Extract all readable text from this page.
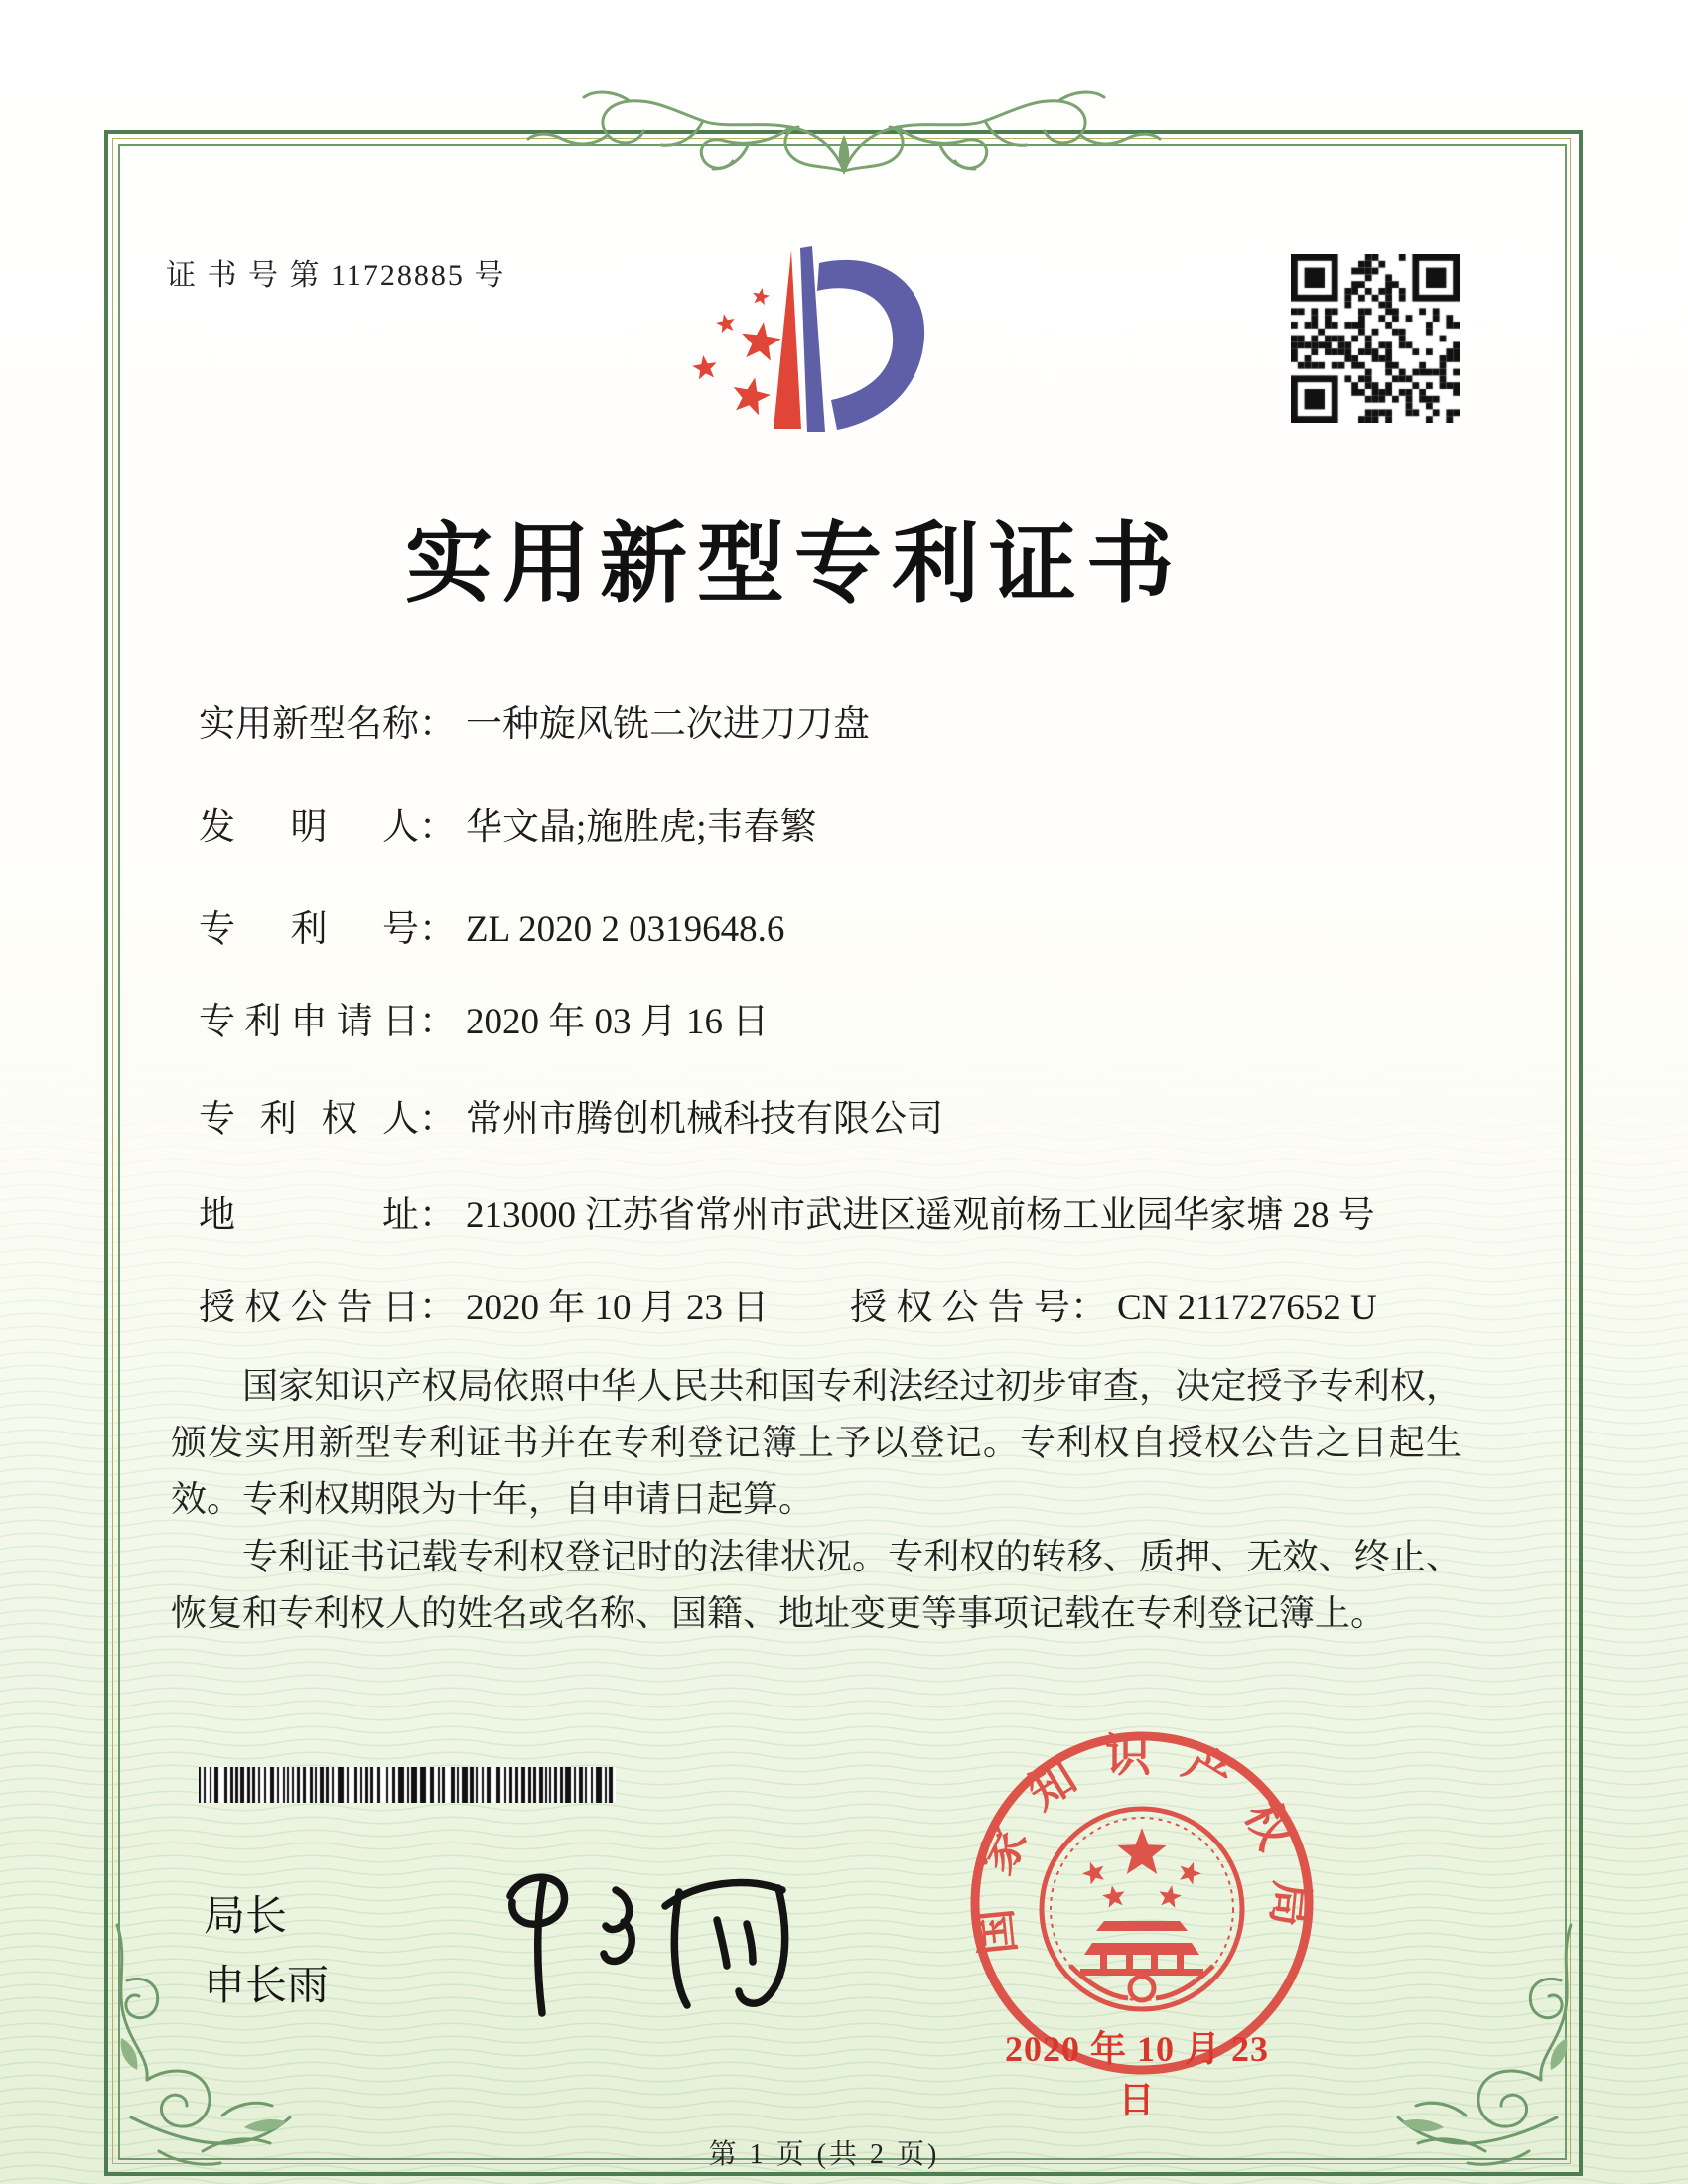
证 书 号 第 11728885 号
实用新型专利证书
实用新型名称： 一种旋风铣二次进刀刀盘
发明人： 华文晶;施胜虎;韦春繁
专利号： ZL 2020 2 0319648.6
专利申请日： 2020 年 03 月 16 日
专利权人： 常州市腾创机械科技有限公司
地址： 213000 江苏省常州市武进区遥观前杨工业园华家塘 28 号
授权公告日： 2020 年 10 月 23 日 授权公告号： CN 211727652 U
国家知识产权局依照中华人民共和国专利法经过初步审查，决定授予专利权，颁发实用新型专利证书并在专利登记簿上予以登记。专利权自授权公告之日起生效。专利权期限为十年，自申请日起算。
专利证书记载专利权登记时的法律状况。专利权的转移、质押、无效、终止、恢复和专利权人的姓名或名称、国籍、地址变更等事项记载在专利登记簿上。
局长
申长雨
国家知识产权局
2020 年 10 月 23 日
第 1 页 (共 2 页)
